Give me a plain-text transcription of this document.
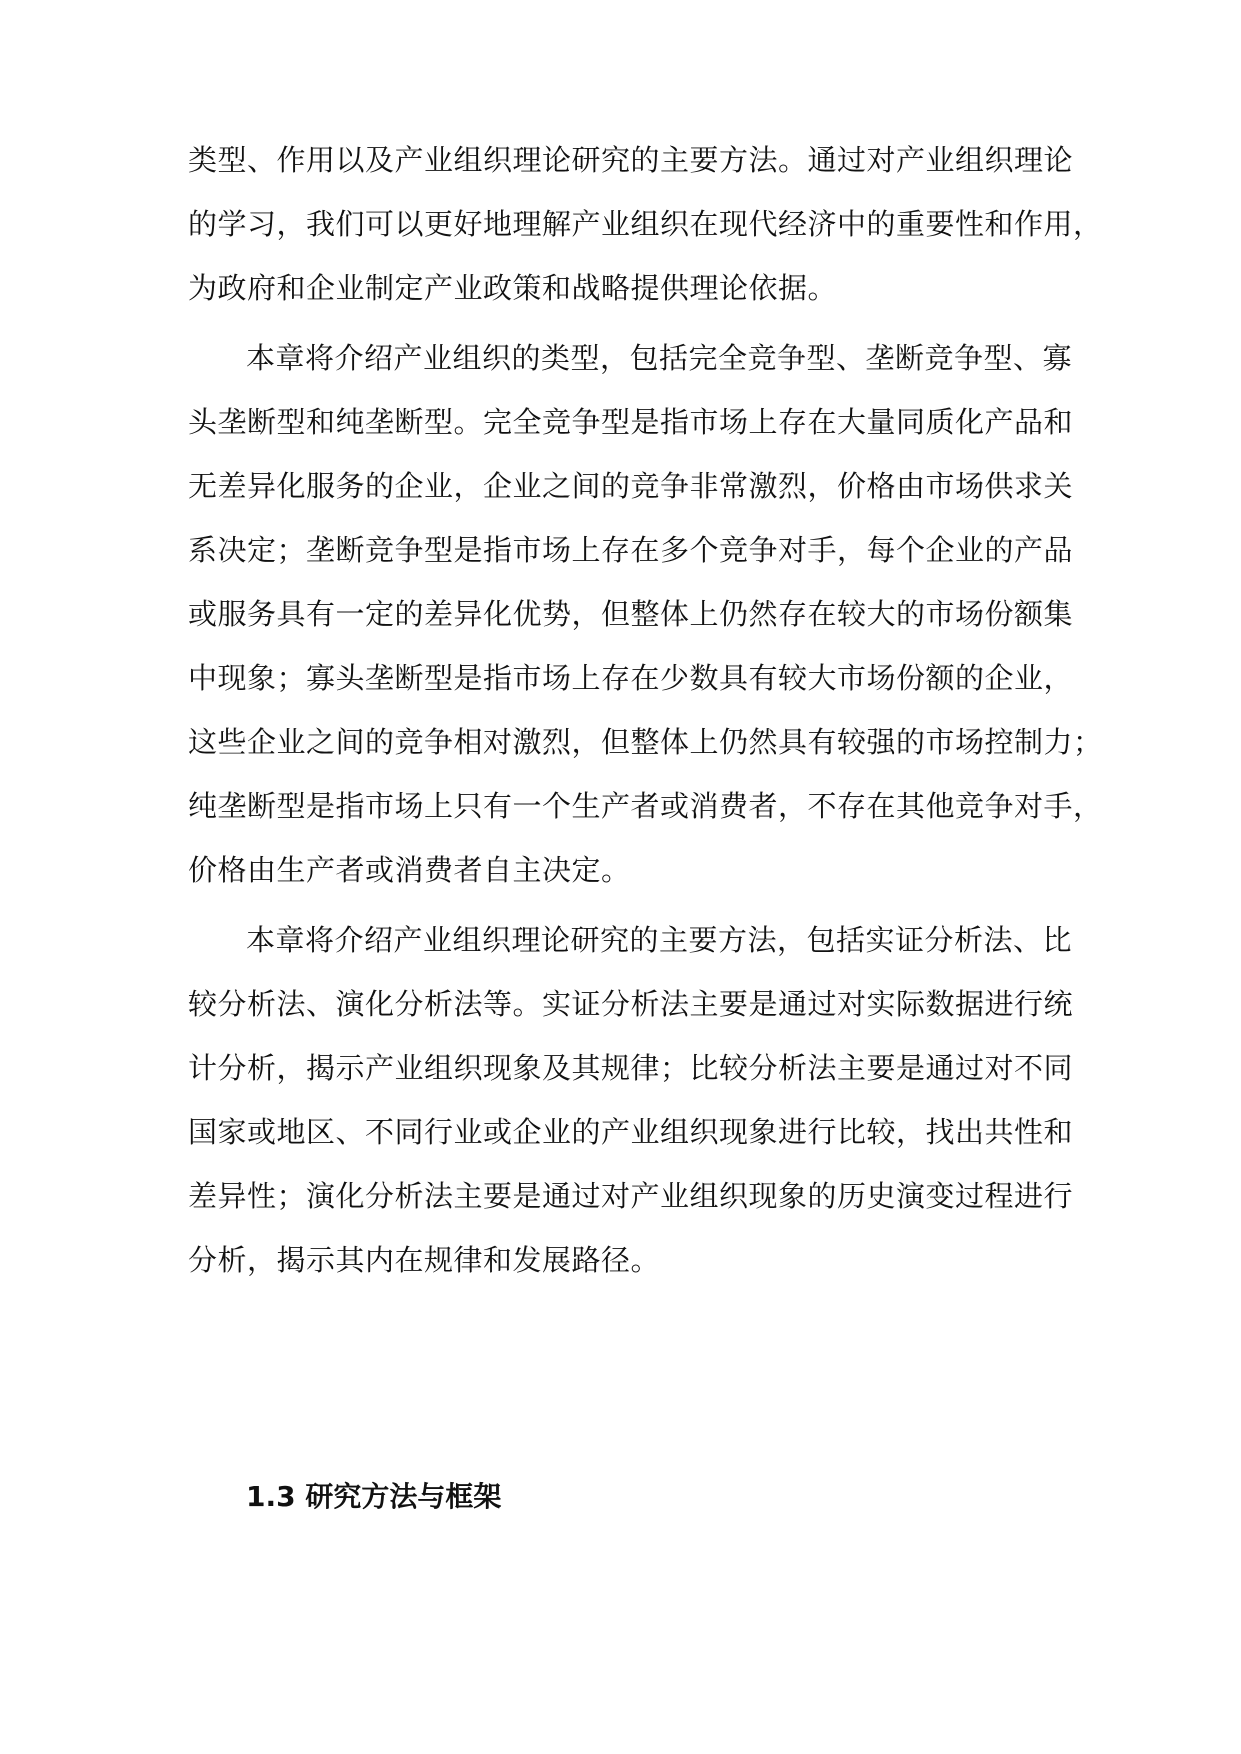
类型、作用以及产业组织理论研究的主要方法。通过对产业组织理论
的学习，我们可以更好地理解产业组织在现代经济中的重要性和作用，
为政府和企业制定产业政策和战略提供理论依据。
本章将介绍产业组织的类型，包括完全竞争型、垄断竞争型、寡
头垄断型和纯垄断型。完全竞争型是指市场上存在大量同质化产品和
无差异化服务的企业，企业之间的竞争非常激烈，价格由市场供求关
系决定；垄断竞争型是指市场上存在多个竞争对手，每个企业的产品
或服务具有一定的差异化优势，但整体上仍然存在较大的市场份额集
中现象；寡头垄断型是指市场上存在少数具有较大市场份额的企业，
这些企业之间的竞争相对激烈，但整体上仍然具有较强的市场控制力；
纯垄断型是指市场上只有一个生产者或消费者，不存在其他竞争对手，
价格由生产者或消费者自主决定。
本章将介绍产业组织理论研究的主要方法，包括实证分析法、比
较分析法、演化分析法等。实证分析法主要是通过对实际数据进行统
计分析，揭示产业组织现象及其规律；比较分析法主要是通过对不同
国家或地区、不同行业或企业的产业组织现象进行比较，找出共性和
差异性；演化分析法主要是通过对产业组织现象的历史演变过程进行
分析，揭示其内在规律和发展路径。
1.3 研究方法与框架
